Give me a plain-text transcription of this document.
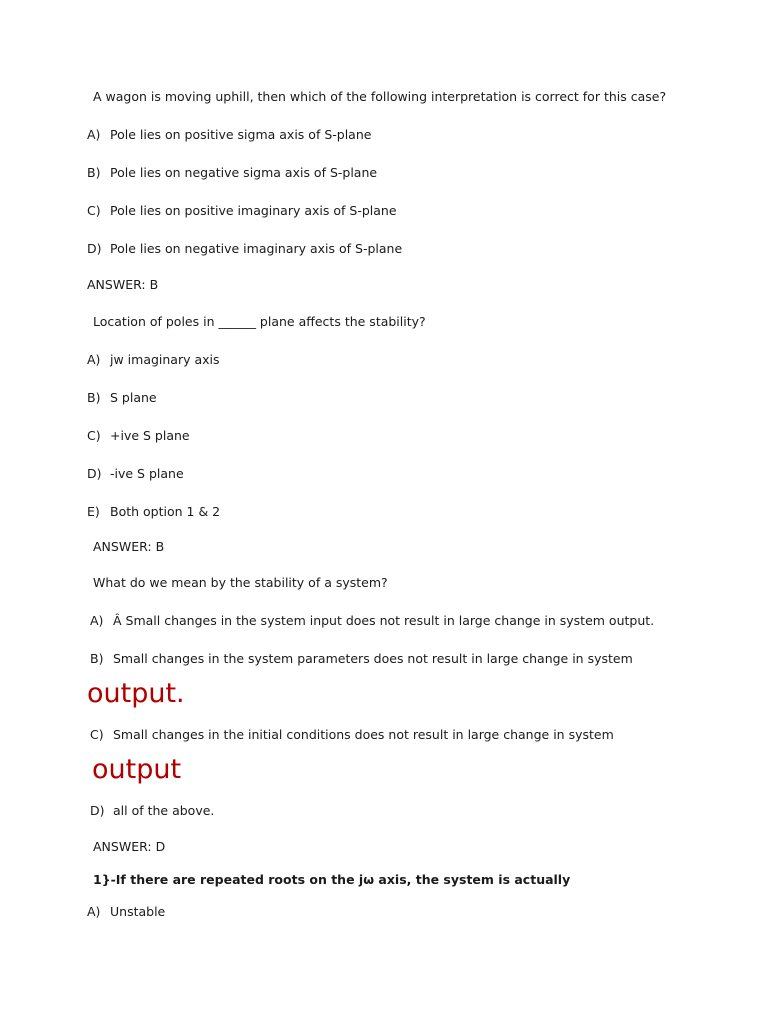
A wagon is moving uphill, then which of the following interpretation is correct for this case?
A) Pole lies on positive sigma axis of S-plane
B) Pole lies on negative sigma axis of S-plane
C) Pole lies on positive imaginary axis of S-plane
D) Pole lies on negative imaginary axis of S-plane
ANSWER: B
Location of poles in ______ plane affects the stability?
A) jw imaginary axis
B) S plane
C) +ive S plane
D) -ive S plane
E) Both option 1 & 2
ANSWER: B
What do we mean by the stability of a system?
A) Â Small changes in the system input does not result in large change in system output.
B) Small changes in the system parameters does not result in large change in system
output.
C) Small changes in the initial conditions does not result in large change in system
output
D) all of the above.
ANSWER: D
1}-If there are repeated roots on the jω axis, the system is actually
A) Unstable
